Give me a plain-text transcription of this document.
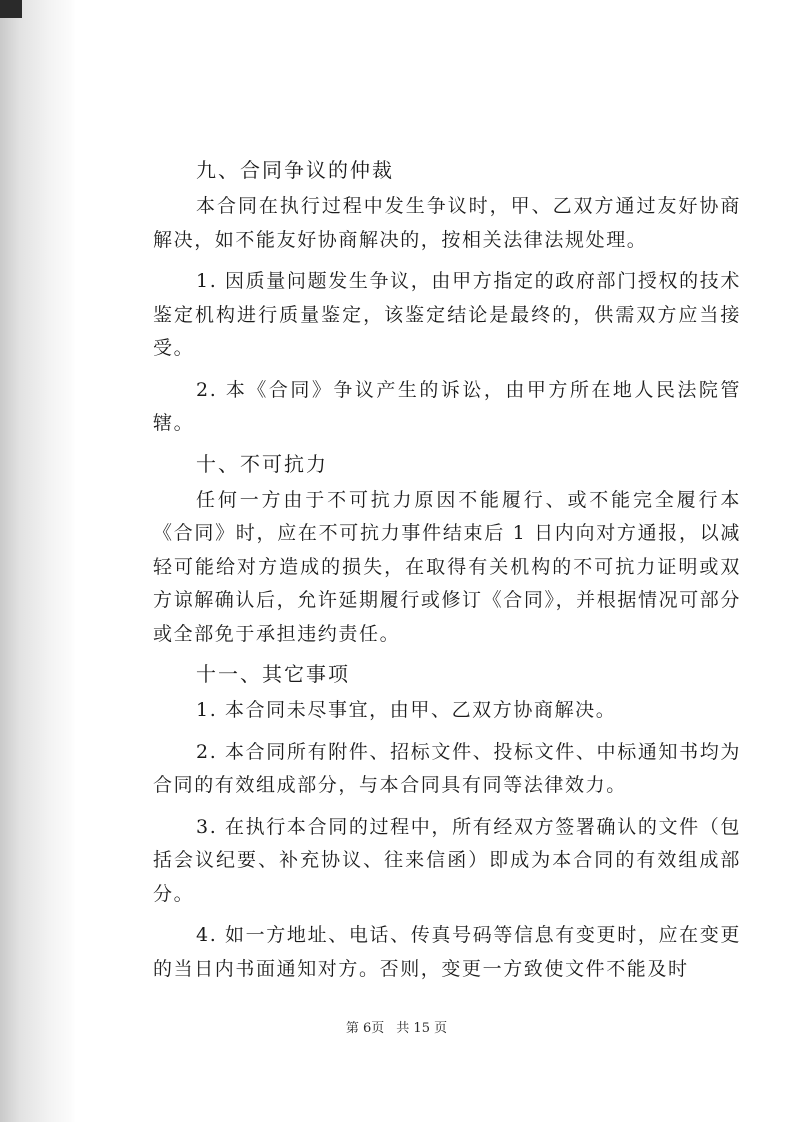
九、合同争议的仲裁

本合同在执行过程中发生争议时，甲、乙双方通过友好协商解决，如不能友好协商解决的，按相关法律法规处理。

1. 因质量问题发生争议，由甲方指定的政府部门授权的技术鉴定机构进行质量鉴定，该鉴定结论是最终的，供需双方应当接受。

2. 本《合同》争议产生的诉讼，由甲方所在地人民法院管辖。

十、不可抗力

任何一方由于不可抗力原因不能履行、或不能完全履行本《合同》时，应在不可抗力事件结束后 1 日内向对方通报，以减轻可能给对方造成的损失，在取得有关机构的不可抗力证明或双方谅解确认后，允许延期履行或修订《合同》，并根据情况可部分或全部免于承担违约责任。

十一、其它事项

1. 本合同未尽事宜，由甲、乙双方协商解决。

2. 本合同所有附件、招标文件、投标文件、中标通知书均为合同的有效组成部分，与本合同具有同等法律效力。

3. 在执行本合同的过程中，所有经双方签署确认的文件（包括会议纪要、补充协议、往来信函）即成为本合同的有效组成部分。

4. 如一方地址、电话、传真号码等信息有变更时，应在变更的当日内书面通知对方。否则，变更一方致使文件不能及时

第 6页 共 15 页
